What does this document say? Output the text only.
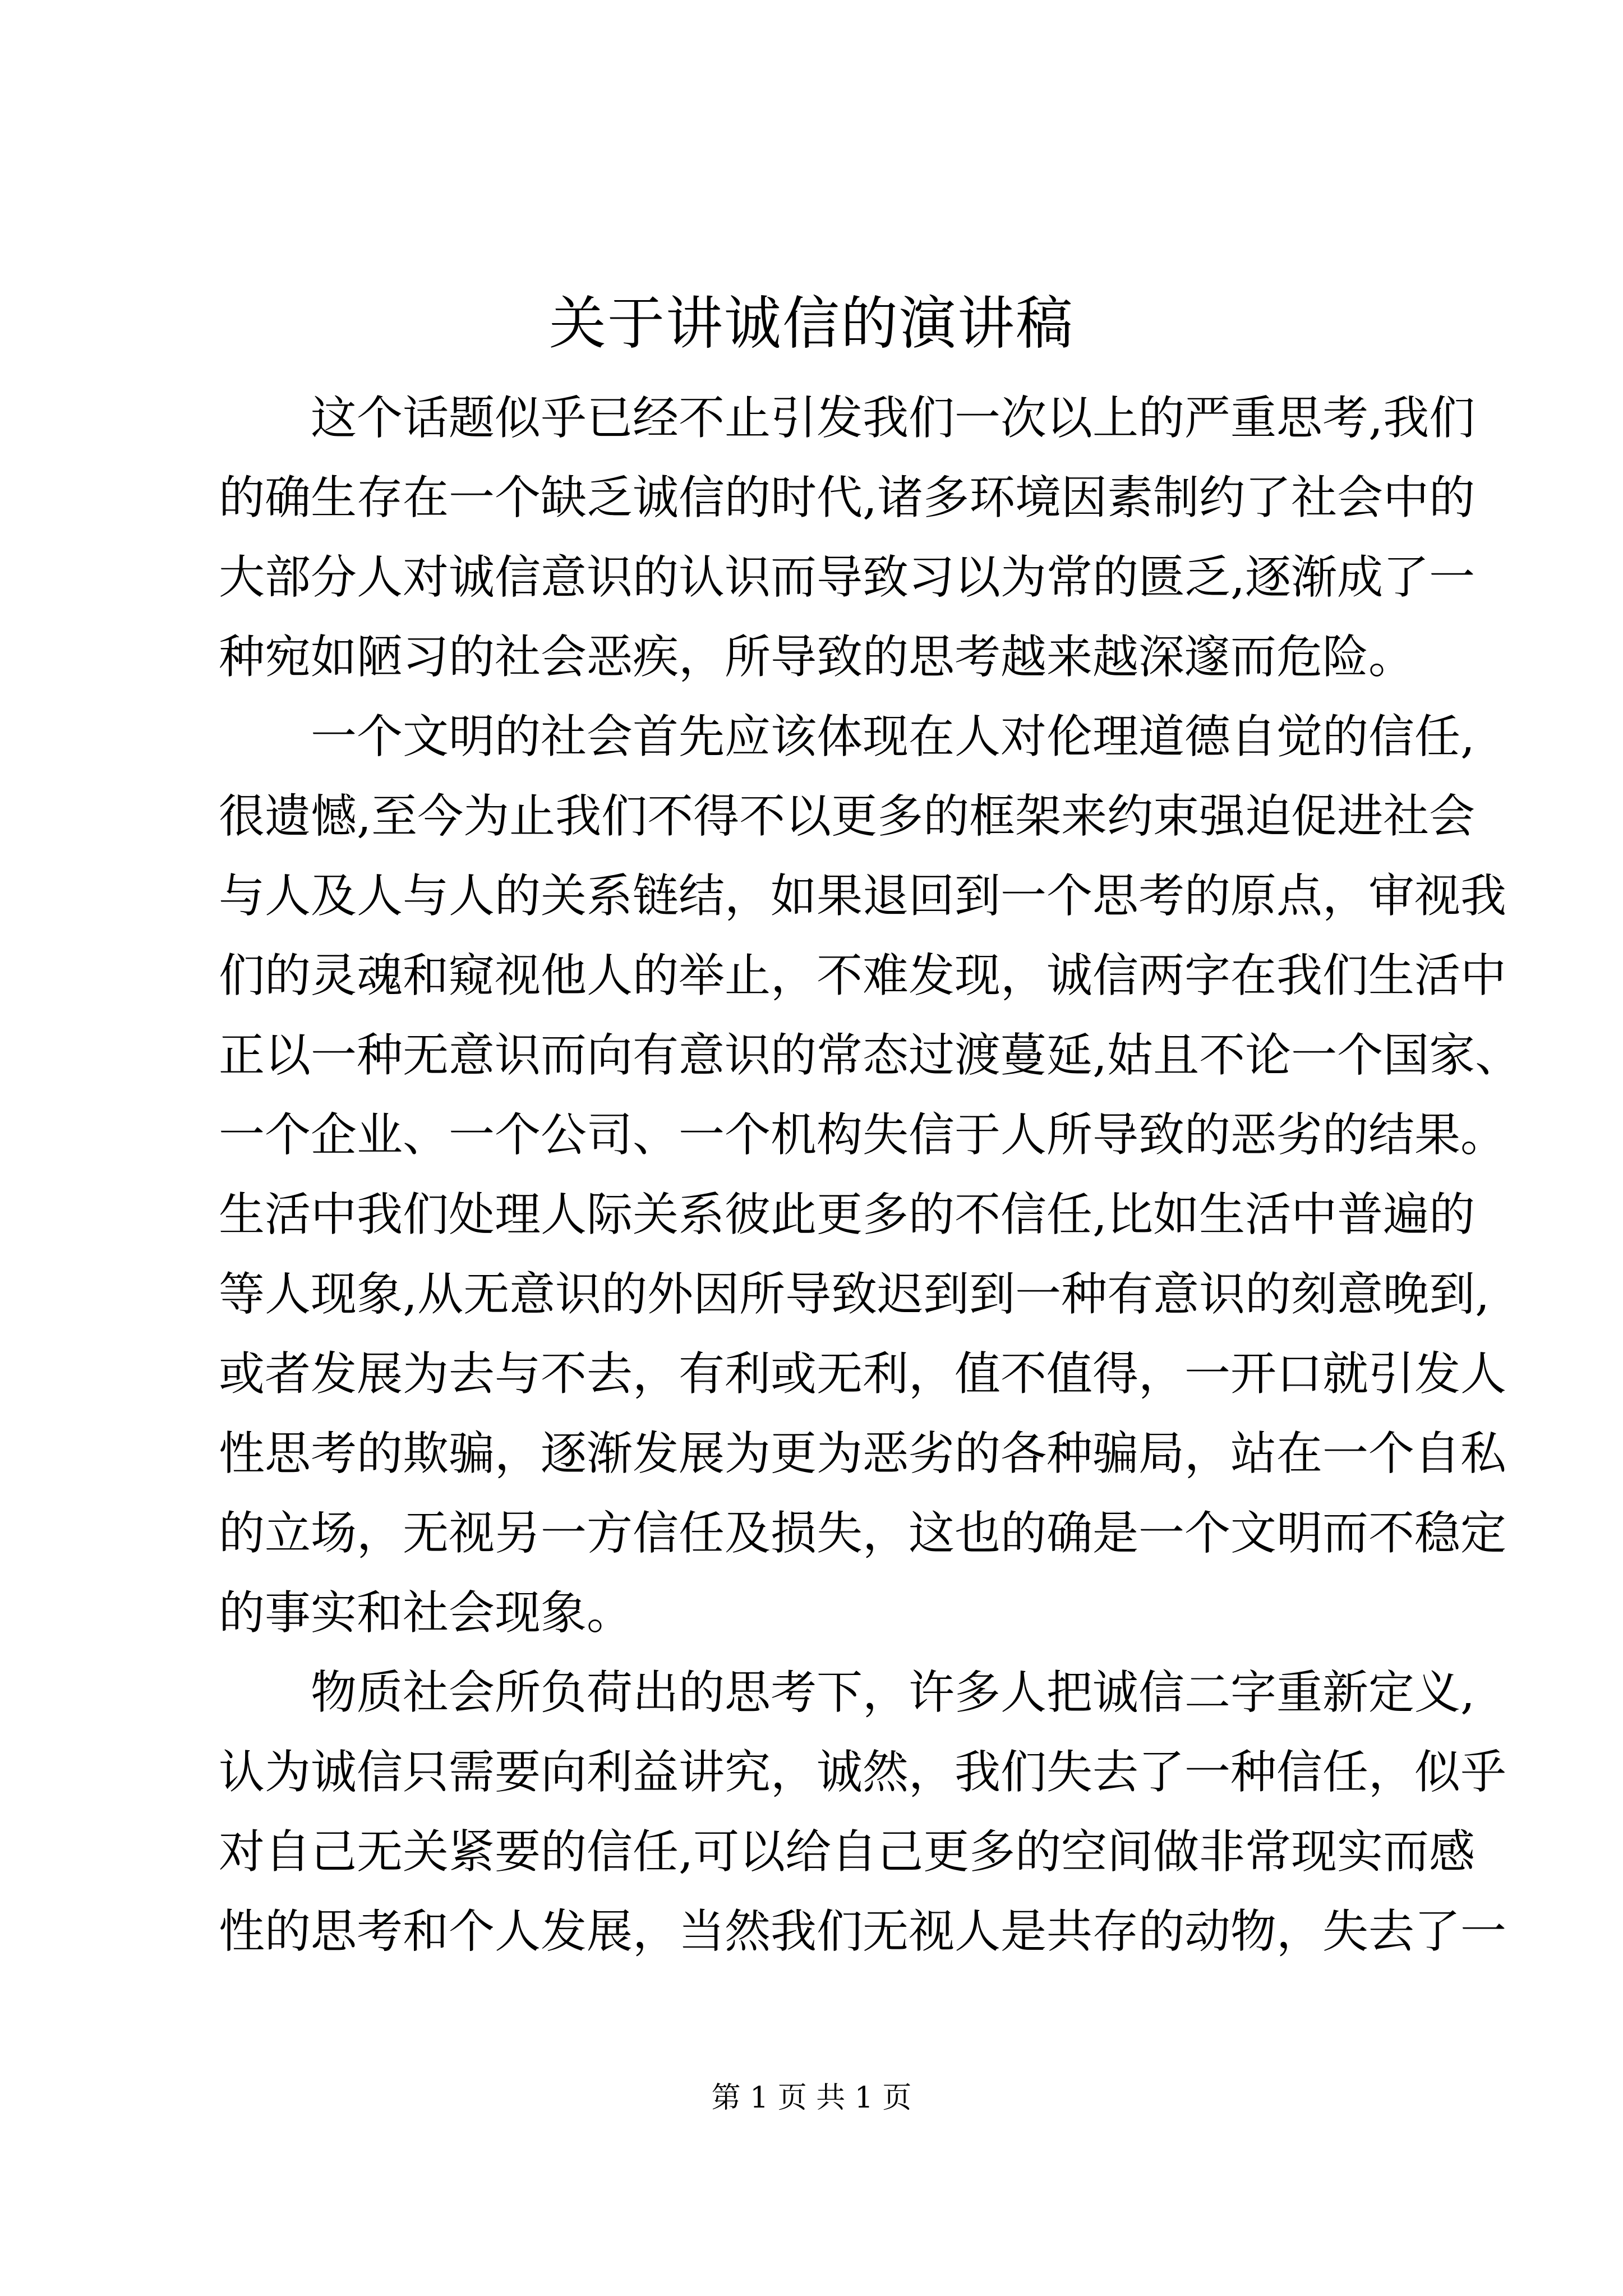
关于讲诚信的演讲稿
这个话题似乎已经不止引发我们一次以上的严重思考,我们
的确生存在一个缺乏诚信的时代,诸多环境因素制约了社会中的
大部分人对诚信意识的认识而导致习以为常的匮乏,逐渐成了一
种宛如陋习的社会恶疾，所导致的思考越来越深邃而危险。
一个文明的社会首先应该体现在人对伦理道德自觉的信任,
很遗憾,至今为止我们不得不以更多的框架来约束强迫促进社会
与人及人与人的关系链结，如果退回到一个思考的原点，审视我
们的灵魂和窥视他人的举止，不难发现，诚信两字在我们生活中
正以一种无意识而向有意识的常态过渡蔓延,姑且不论一个国家、
一个企业、一个公司、一个机构失信于人所导致的恶劣的结果。
生活中我们处理人际关系彼此更多的不信任,比如生活中普遍的
等人现象,从无意识的外因所导致迟到到一种有意识的刻意晚到,
或者发展为去与不去，有利或无利，值不值得，一开口就引发人
性思考的欺骗，逐渐发展为更为恶劣的各种骗局，站在一个自私
的立场，无视另一方信任及损失，这也的确是一个文明而不稳定
的事实和社会现象。
物质社会所负荷出的思考下，许多人把诚信二字重新定义,
认为诚信只需要向利益讲究，诚然，我们失去了一种信任，似乎
对自己无关紧要的信任,可以给自己更多的空间做非常现实而感
性的思考和个人发展，当然我们无视人是共存的动物，失去了一
第 1 页 共 1 页
